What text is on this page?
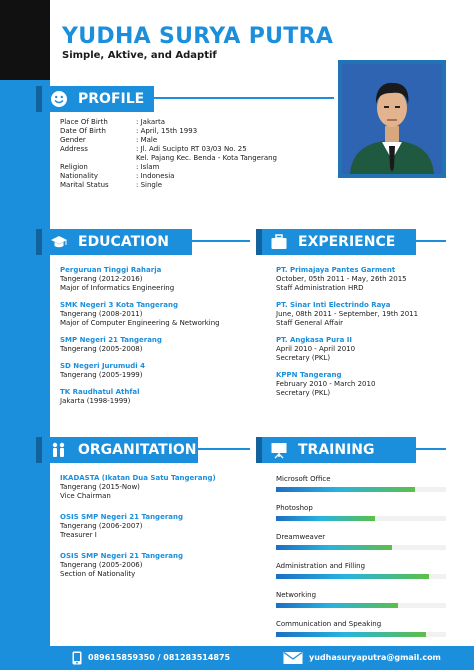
YUDHA SURYA PUTRA
Simple, Aktive, and Adaptif
PROFILE
Place Of Birth	: Jakarta
Date Of Birth	: April, 15th 1993
Gender	: Male
Address	: Jl. Adi Sucipto RT 03/03 No. 25
Kel. Pajang Kec. Benda - Kota Tangerang
Religion	: Islam
Nationality	: Indonesia
Marital Status	: Single
EDUCATION	EXPERIENCE
Perguruan Tinggi Raharja
Tangerang (2012-2016)
Major of Informatics Engineering
SMK Negeri 3 Kota Tangerang
Tangerang (2008-2011)
Major of Computer Engineering & Networking
SMP Negeri 21 Tangerang
Tangerang (2005-2008)
SD Negeri Jurumudi 4
Tangerang (2005-1999)
TK Raudhatul Athfal
Jakarta (1998-1999)
PT. Primajaya Pantes Garment
October, 05th 2011 - May, 26th 2015
Staff Administration HRD
PT. Sinar Inti Electrindo Raya
June, 08th 2011 - September, 19th 2011
Staff General Affair
PT. Angkasa Pura II
April 2010 - April 2010
Secretary (PKL)
KPPN Tangerang
February 2010 - March 2010
Secretary (PKL)
ORGANITATION	TRAINING
IKADASTA (Ikatan Dua Satu Tangerang)
Tangerang (2015-Now)
Vice Chairman
OSIS SMP Negeri 21 Tangerang
Tangerang (2006-2007)
Treasurer I
OSIS SMP Negeri 21 Tangerang
Tangerang (2005-2006)
Section of Nationality
Microsoft Office
Photoshop
Dreamweaver
Administration and Filling
Networking
Communication and Speaking
089615859350 / 081283514875	yudhasuryaputra@gmail.com
